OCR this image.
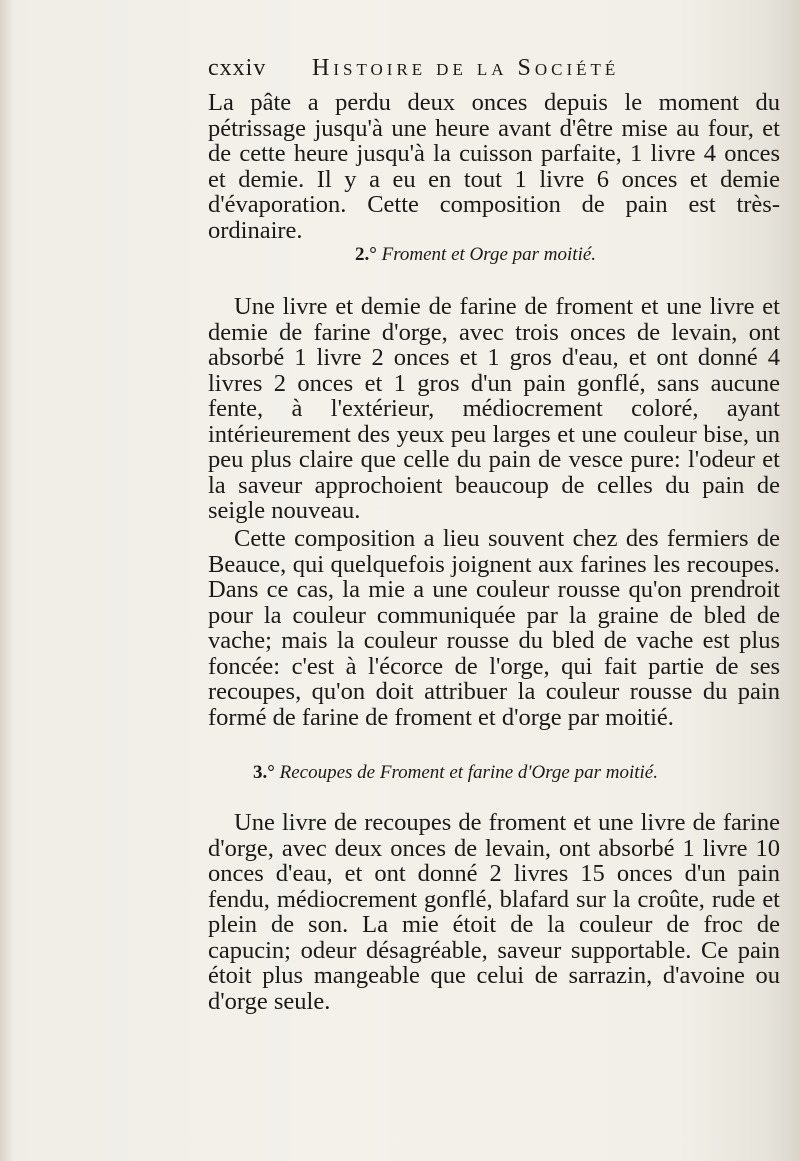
cxxiv Histoire de la Société

La pâte a perdu deux onces depuis le moment du pétrissage jusqu'à une heure avant d'être mise au four, et de cette heure jusqu'à la cuisson parfaite, 1 livre 4 onces et demie. Il y a eu en tout 1 livre 6 onces et demie d'évaporation. Cette composition de pain est très-ordinaire.

2.° Froment et Orge par moitié.

Une livre et demie de farine de froment et une livre et demie de farine d'orge, avec trois onces de levain, ont absorbé 1 livre 2 onces et 1 gros d'eau, et ont donné 4 livres 2 onces et 1 gros d'un pain gonflé, sans aucune fente, à l'extérieur, médiocrement coloré, ayant intérieurement des yeux peu larges et une couleur bise, un peu plus claire que celle du pain de vesce pure: l'odeur et la saveur approchoient beaucoup de celles du pain de seigle nouveau.

Cette composition a lieu souvent chez des fermiers de Beauce, qui quelquefois joignent aux farines les recoupes. Dans ce cas, la mie a une couleur rousse qu'on prendroit pour la couleur communiquée par la graine de bled de vache; mais la couleur rousse du bled de vache est plus foncée: c'est à l'écorce de l'orge, qui fait partie de ses recoupes, qu'on doit attribuer la couleur rousse du pain formé de farine de froment et d'orge par moitié.

3.° Recoupes de Froment et farine d'Orge par moitié.

Une livre de recoupes de froment et une livre de farine d'orge, avec deux onces de levain, ont absorbé 1 livre 10 onces d'eau, et ont donné 2 livres 15 onces d'un pain fendu, médiocrement gonflé, blafard sur la croûte, rude et plein de son. La mie étoit de la couleur de froc de capucin; odeur désagréable, saveur supportable. Ce pain étoit plus mangeable que celui de sarrazin, d'avoine ou d'orge seule.
